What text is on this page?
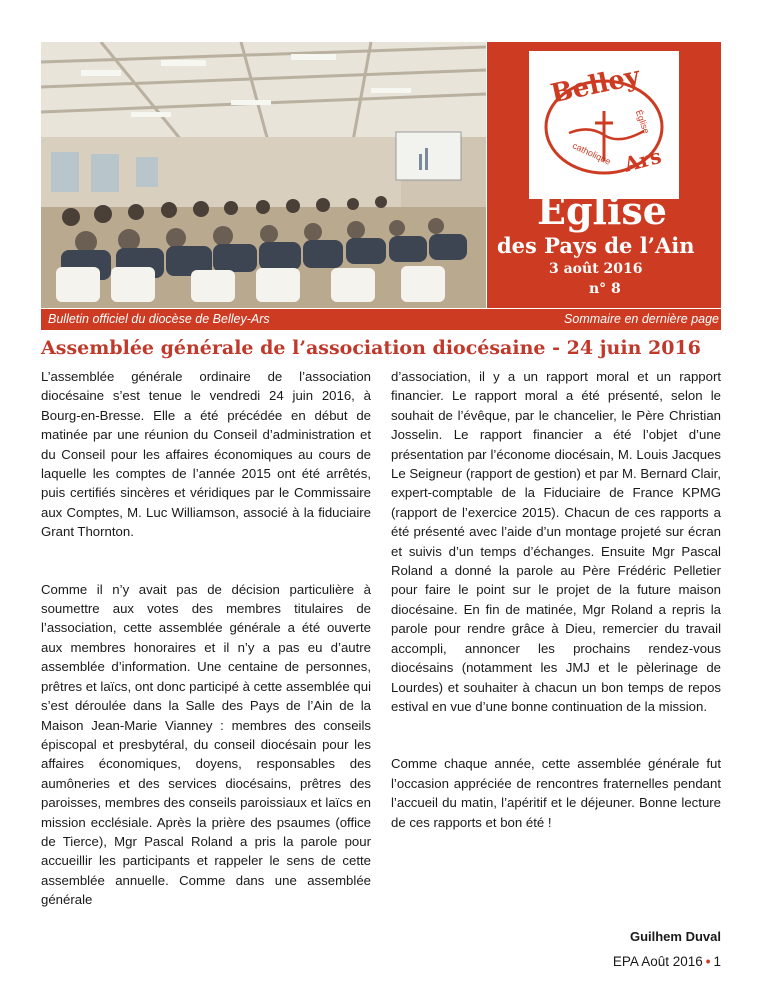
Belley
Ars
Église
catholique
Église
des Pays de l’Ain
3 août 2016
n° 8
Bulletin officiel du diocèse de Belley-Ars	Sommaire en dernière page
Assemblée générale de l’association diocésaine - 24 juin 2016

L’assemblée générale ordinaire de l’association diocésaine s’est tenue le vendredi 24 juin 2016, à Bourg-en-Bresse. Elle a été précédée en début de matinée par une réunion du Conseil d’administration et du Conseil pour les affaires économiques au cours de laquelle les comptes de l’année 2015 ont été arrêtés, puis certifiés sincères et véridiques par le Commissaire aux Comptes, M. Luc Williamson, associé à la fiduciaire Grant Thornton.

Comme il n’y avait pas de décision particulière à soumettre aux votes des membres titulaires de l’association, cette assemblée générale a été ouverte aux membres honoraires et il n’y a pas eu d’autre assemblée d’information. Une centaine de personnes, prêtres et laïcs, ont donc participé à cette assemblée qui s’est déroulée dans la Salle des Pays de l’Ain de la Maison Jean-Marie Vianney : membres des conseils épiscopal et presbytéral, du conseil diocésain pour les affaires économiques, doyens, responsables des aumôneries et des services diocésains, prêtres des paroisses, membres des conseils paroissiaux et laïcs en mission ecclésiale. Après la prière des psaumes (office de Tierce), Mgr Pascal Roland a pris la parole pour accueillir les participants et rappeler le sens de cette assemblée annuelle. Comme dans une assemblée générale

d’association, il y a un rapport moral et un rapport financier. Le rapport moral a été présenté, selon le souhait de l’évêque, par le chancelier, le Père Christian Josselin. Le rapport financier a été l’objet d’une présentation par l’économe diocésain, M. Louis Jacques Le Seigneur (rapport de gestion) et par M. Bernard Clair, expert-comptable de la Fiduciaire de France KPMG (rapport de l’exercice 2015). Chacun de ces rapports a été présenté avec l’aide d’un montage projeté sur écran et suivis d’un temps d’échanges. Ensuite Mgr Pascal Roland a donné la parole au Père Frédéric Pelletier pour faire le point sur le projet de la future maison diocésaine. En fin de matinée, Mgr Roland a repris la parole pour rendre grâce à Dieu, remercier du travail accompli, annoncer les prochains rendez-vous diocésains (notamment les JMJ et le pèlerinage de Lourdes) et souhaiter à chacun un bon temps de repos estival en vue d’une bonne continuation de la mission.

Comme chaque année, cette assemblée générale fut l’occasion appréciée de rencontres fraternelles pendant l’accueil du matin, l’apéritif et le déjeuner. Bonne lecture de ces rapports et bon été !

Guilhem Duval
EPA Août 2016 • 1
